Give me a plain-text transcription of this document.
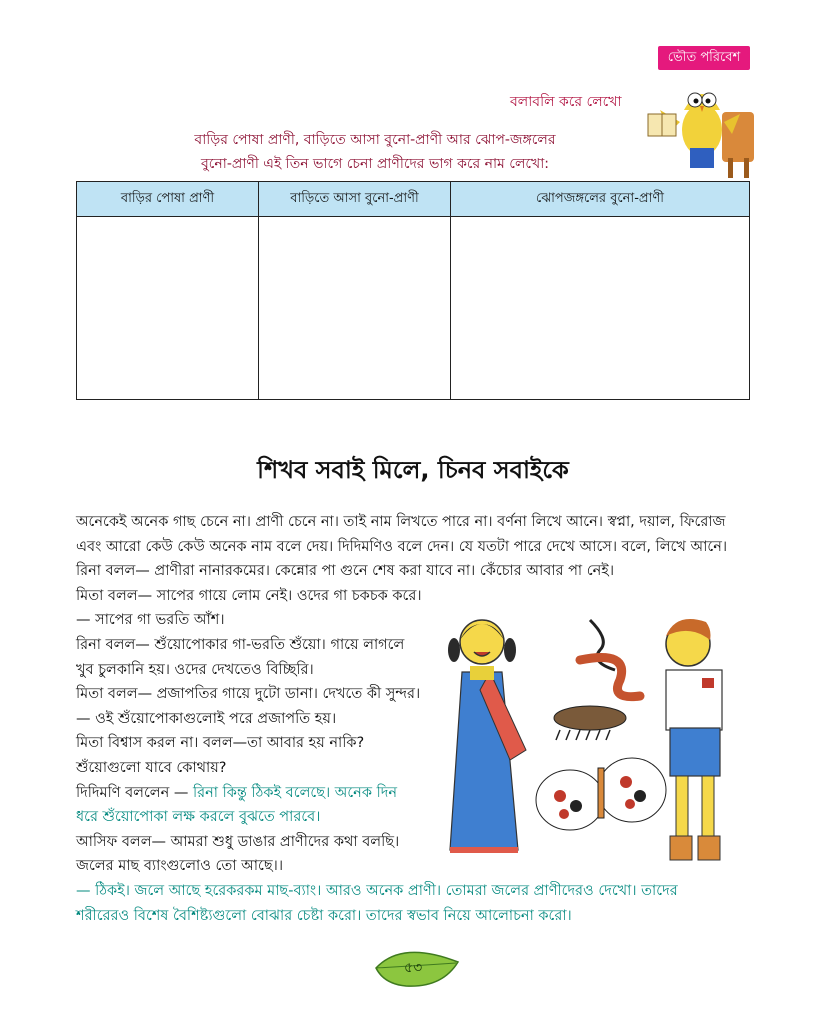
ভৌত পরিবেশ
বলাবলি করে লেখো
বাড়ির পোষা প্রাণী, বাড়িতে আসা বুনো-প্রাণী আর ঝোপ-জঙ্গলের
বুনো-প্রাণী এই তিন ভাগে চেনা প্রাণীদের ভাগ করে নাম লেখো:
বাড়ির পোষা প্রাণী	বাড়িতে আসা বুনো-প্রাণী	ঝোপজঙ্গলের বুনো-প্রাণী

শিখব সবাই মিলে, চিনব সবাইকে

অনেকেই অনেক গাছ চেনে না। প্রাণী চেনে না। তাই নাম লিখতে পারে না। বর্ণনা লিখে আনে। স্বপ্না, দয়াল, ফিরোজ

এবং আরো কেউ কেউ অনেক নাম বলে দেয়। দিদিমণিও বলে দেন। যে যতটা পারে দেখে আসে। বলে, লিখে আনে।

রিনা বলল— প্রাণীরা নানারকমের। কেন্নোর পা গুনে শেষ করা যাবে না। কেঁচোর আবার পা নেই।

মিতা বলল— সাপের গায়ে লোম নেই। ওদের গা চকচক করে।

— সাপের গা ভরতি আঁশ।

রিনা বলল— শুঁয়োপোকার গা-ভরতি শুঁয়ো। গায়ে লাগলে

খুব চুলকানি হয়। ওদের দেখতেও বিচ্ছিরি।

মিতা বলল— প্রজাপতির গায়ে দুটো ডানা। দেখতে কী সুন্দর।

— ওই শুঁয়োপোকাগুলোই পরে প্রজাপতি হয়।

মিতা বিশ্বাস করল না। বলল—তা আবার হয় নাকি?

শুঁয়োগুলো যাবে কোথায়?

দিদিমণি বললেন — রিনা কিন্তু ঠিকই বলেছে। অনেক দিন

ধরে শুঁয়োপোকা লক্ষ করলে বুঝতে পারবে।

আসিফ বলল— আমরা শুধু ডাঙার প্রাণীদের কথা বলছি।

জলের মাছ ব্যাংগুলোও তো আছে।।

— ঠিকই। জলে আছে হরেকরকম মাছ-ব্যাং। আরও অনেক প্রাণী। তোমরা জলের প্রাণীদেরও দেখো। তাদের

শরীরেরও বিশেষ বৈশিষ্ট্যগুলো বোঝার চেষ্টা করো। তাদের স্বভাব নিয়ে আলোচনা করো।

৫৩
